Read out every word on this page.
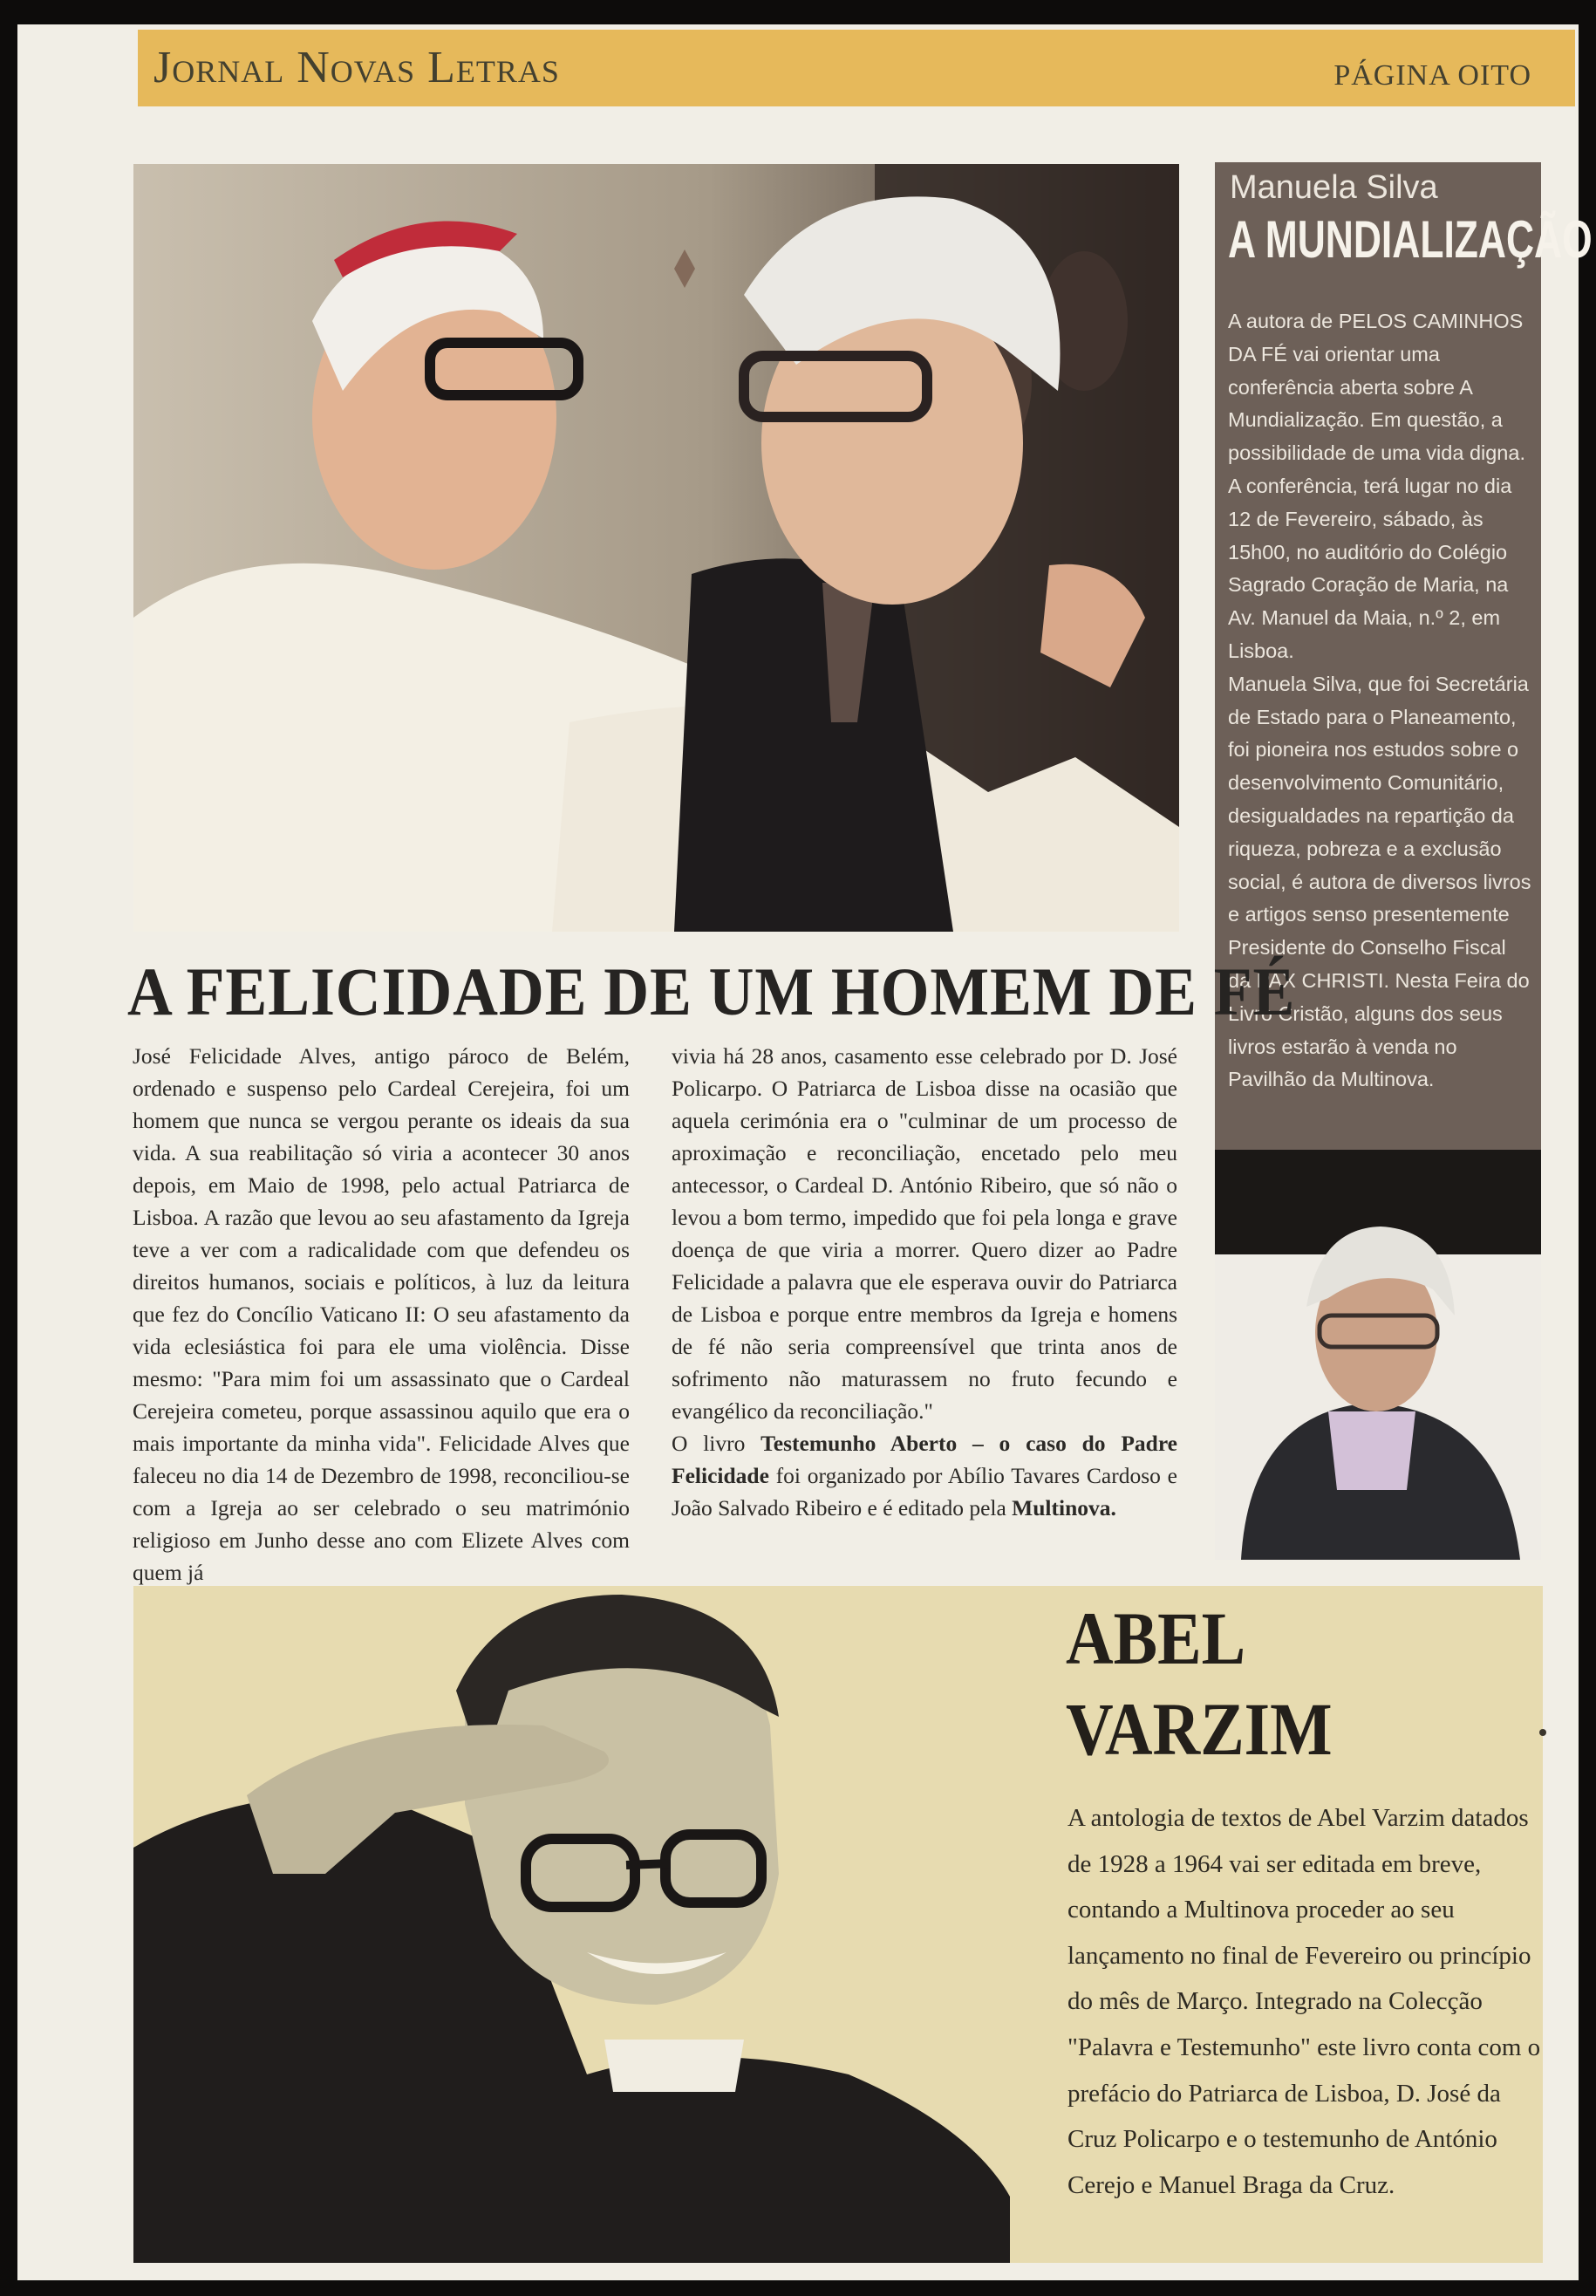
Jornal Novas Letras	PÁGINA OITO
Manuela Silva
A MUNDIALIZAÇÃO

A autora de PELOS CAMINHOS DA FÉ vai orientar uma conferência aberta sobre A Mundialização. Em questão, a possibilidade de uma vida digna. A conferência, terá lugar no dia 12 de Fevereiro, sábado, às 15h00, no auditório do Colégio Sagrado Coração de Maria, na Av. Manuel da Maia, n.º 2, em Lisboa.

Manuela Silva, que foi Secretária de Estado para o Planeamento, foi pioneira nos estudos sobre o desenvolvimento Comunitário, desigualdades na repartição da riqueza, pobreza e a exclusão social, é autora de diversos livros e artigos senso presentemente Presidente do Conselho Fiscal da PAX CHRISTI. Nesta Feira do Livro Cristão, alguns dos seus livros estarão à venda no Pavilhão da Multinova.

A FELICIDADE DE UM HOMEM DE FÉ

José Felicidade Alves, antigo pároco de Belém, ordenado e suspenso pelo Cardeal Cerejeira, foi um homem que nunca se vergou perante os ideais da sua vida. A sua reabilitação só viria a acontecer 30 anos depois, em Maio de 1998, pelo actual Patriarca de Lisboa. A razão que levou ao seu afastamento da Igreja teve a ver com a radicalidade com que defendeu os direitos humanos, sociais e políticos, à luz da leitura que fez do Concílio Vaticano II: O seu afastamento da vida eclesiástica foi para ele uma violência. Disse mesmo: "Para mim foi um assassinato que o Cardeal Cerejeira cometeu, porque assassinou aquilo que era o mais importante da minha vida". Felicidade Alves que faleceu no dia 14 de Dezembro de 1998, reconciliou-se com a Igreja ao ser celebrado o seu matrimónio religioso em Junho desse ano com Elizete Alves com quem já

vivia há 28 anos, casamento esse celebrado por D. José Policarpo. O Patriarca de Lisboa disse na ocasião que aquela cerimónia era o "culminar de um processo de aproximação e reconciliação, encetado pelo meu antecessor, o Cardeal D. António Ribeiro, que só não o levou a bom termo, impedido que foi pela longa e grave doença de que viria a morrer. Quero dizer ao Padre Felicidade a palavra que ele esperava ouvir do Patriarca de Lisboa e porque entre membros da Igreja e homens de fé não seria compreensível que trinta anos de sofrimento não maturassem no fruto fecundo e evangélico da reconciliação."

O livro Testemunho Aberto – o caso do Padre Felicidade foi organizado por Abílio Tavares Cardoso e João Salvado Ribeiro e é editado pela Multinova.

ABEL
VARZIM

A antologia de textos de Abel Varzim datados de 1928 a 1964 vai ser editada em breve, contando a Multinova proceder ao seu lançamento no final de Fevereiro ou princípio do mês de Março. Integrado na Colecção "Palavra e Testemunho" este livro conta com o prefácio do Patriarca de Lisboa, D. José da Cruz Policarpo e o testemunho de António Cerejo e Manuel Braga da Cruz.
